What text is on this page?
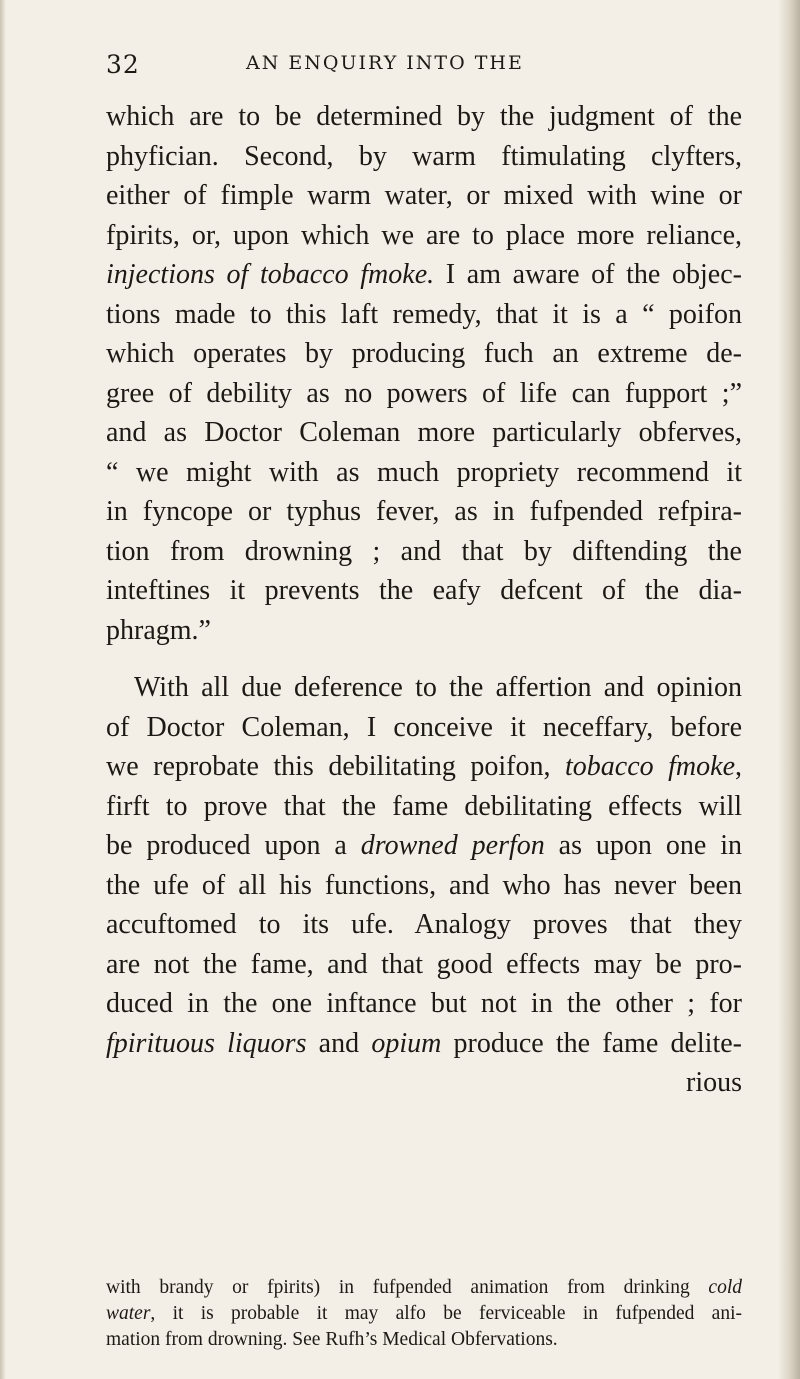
32	AN ENQUIRY INTO THE
which are to be determined by the judgment of the
phyfician. Second, by warm ftimulating clyfters,
either of fimple warm water, or mixed with wine or
fpirits, or, upon which we are to place more reliance,
injections of tobacco fmoke. I am aware of the objec-
tions made to this laft remedy, that it is a “ poifon
which operates by producing fuch an extreme de-
gree of debility as no powers of life can fupport ;”
and as Doctor Coleman more particularly obferves,
“ we might with as much propriety recommend it
in fyncope or typhus fever, as in fufpended refpira-
tion from drowning ; and that by diftending the
inteftines it prevents the eafy defcent of the dia-
phragm.”
With all due deference to the affertion and opinion
of Doctor Coleman, I conceive it neceffary, before
we reprobate this debilitating poifon, tobacco fmoke,
firft to prove that the fame debilitating effects will
be produced upon a drowned perfon as upon one in
the ufe of all his functions, and who has never been
accuftomed to its ufe. Analogy proves that they
are not the fame, and that good effects may be pro-
duced in the one inftance but not in the other ; for
fpirituous liquors and opium produce the fame delite-
rious
with brandy or fpirits) in fufpended animation from drinking cold
water, it is probable it may alfo be ferviceable in fufpended ani-
mation from drowning. See Rufh’s Medical Obfervations.
